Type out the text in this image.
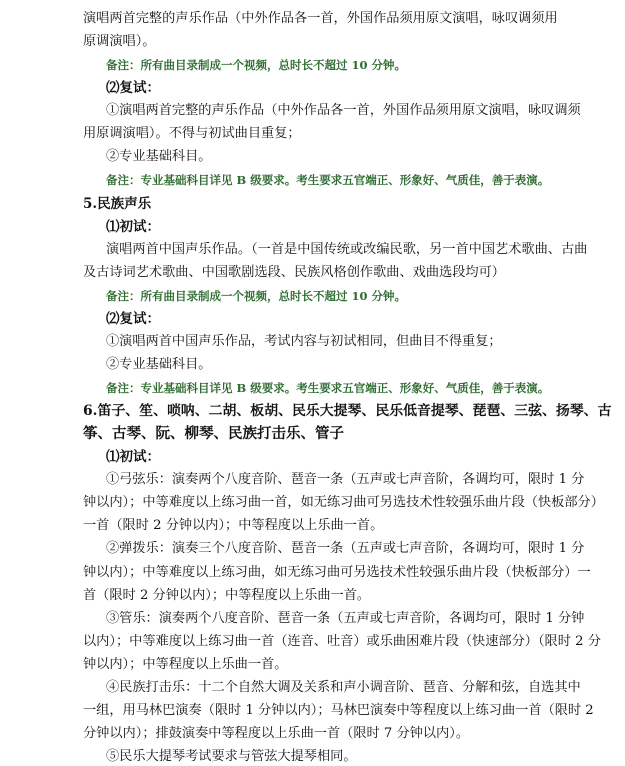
演唱两首完整的声乐作品（中外作品各一首，外国作品须用原文演唱，咏叹调须用
原调演唱）。
备注：所有曲目录制成一个视频，总时长不超过 10 分钟。
⑵复试：
①演唱两首完整的声乐作品（中外作品各一首，外国作品须用原文演唱，咏叹调须
用原调演唱）。不得与初试曲目重复；
②专业基础科目。
备注：专业基础科目详见 B 级要求。考生要求五官端正、形象好、气质佳，善于表演。
5.民族声乐
⑴初试：
演唱两首中国声乐作品。（一首是中国传统或改编民歌，另一首中国艺术歌曲、古曲
及古诗词艺术歌曲、中国歌剧选段、民族风格创作歌曲、戏曲选段均可）
备注：所有曲目录制成一个视频，总时长不超过 10 分钟。
⑵复试：
①演唱两首中国声乐作品，考试内容与初试相同，但曲目不得重复；
②专业基础科目。
备注：专业基础科目详见 B 级要求。考生要求五官端正、形象好、气质佳，善于表演。
6.笛子、笙、唢呐、二胡、板胡、民乐大提琴、民乐低音提琴、琵琶、三弦、扬琴、古
筝、古琴、阮、柳琴、民族打击乐、管子
⑴初试：
①弓弦乐：演奏两个八度音阶、琶音一条（五声或七声音阶，各调均可，限时 1 分
钟以内）；中等难度以上练习曲一首，如无练习曲可另选技术性较强乐曲片段（快板部分）
一首（限时 2 分钟以内）；中等程度以上乐曲一首。
②弹拨乐：演奏三个八度音阶、琶音一条（五声或七声音阶，各调均可，限时 1 分
钟以内）；中等难度以上练习曲，如无练习曲可另选技术性较强乐曲片段（快板部分）一
首（限时 2 分钟以内）；中等程度以上乐曲一首。
③管乐：演奏两个八度音阶、琶音一条（五声或七声音阶，各调均可，限时 1 分钟
以内）；中等难度以上练习曲一首（连音、吐音）或乐曲困难片段（快速部分）（限时 2 分
钟以内）；中等程度以上乐曲一首。
④民族打击乐：十二个自然大调及关系和声小调音阶、琶音、分解和弦，自选其中
一组，用马林巴演奏（限时 1 分钟以内）；马林巴演奏中等程度以上练习曲一首（限时 2
分钟以内）；排鼓演奏中等程度以上乐曲一首（限时 7 分钟以内）。
⑤民乐大提琴考试要求与管弦大提琴相同。
